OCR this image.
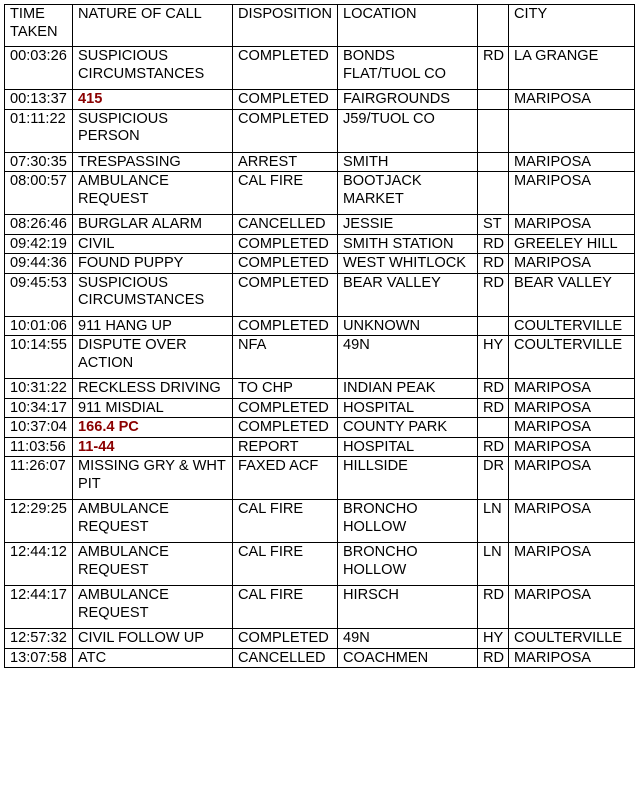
TIME TAKEN	NATURE OF CALL	DISPOSITION	LOCATION		CITY
00:03:26	SUSPICIOUS CIRCUMSTANCES	COMPLETED	BONDS FLAT/TUOL CO	RD	LA GRANGE
00:13:37	415	COMPLETED	FAIRGROUNDS		MARIPOSA
01:11:22	SUSPICIOUS PERSON	COMPLETED	J59/TUOL CO		
07:30:35	TRESPASSING	ARREST	SMITH		MARIPOSA
08:00:57	AMBULANCE REQUEST	CAL FIRE	BOOTJACK MARKET		MARIPOSA
08:26:46	BURGLAR ALARM	CANCELLED	JESSIE	ST	MARIPOSA
09:42:19	CIVIL	COMPLETED	SMITH STATION	RD	GREELEY HILL
09:44:36	FOUND PUPPY	COMPLETED	WEST WHITLOCK	RD	MARIPOSA
09:45:53	SUSPICIOUS CIRCUMSTANCES	COMPLETED	BEAR VALLEY	RD	BEAR VALLEY
10:01:06	911 HANG UP	COMPLETED	UNKNOWN		COULTERVILLE
10:14:55	DISPUTE OVER ACTION	NFA	49N	HY	COULTERVILLE
10:31:22	RECKLESS DRIVING	TO CHP	INDIAN PEAK	RD	MARIPOSA
10:34:17	911 MISDIAL	COMPLETED	HOSPITAL	RD	MARIPOSA
10:37:04	166.4 PC	COMPLETED	COUNTY PARK		MARIPOSA
11:03:56	11-44	REPORT	HOSPITAL	RD	MARIPOSA
11:26:07	MISSING GRY & WHT PIT	FAXED ACF	HILLSIDE	DR	MARIPOSA
12:29:25	AMBULANCE REQUEST	CAL FIRE	BRONCHO HOLLOW	LN	MARIPOSA
12:44:12	AMBULANCE REQUEST	CAL FIRE	BRONCHO HOLLOW	LN	MARIPOSA
12:44:17	AMBULANCE REQUEST	CAL FIRE	HIRSCH	RD	MARIPOSA
12:57:32	CIVIL FOLLOW UP	COMPLETED	49N	HY	COULTERVILLE
13:07:58	ATC	CANCELLED	COACHMEN	RD	MARIPOSA
